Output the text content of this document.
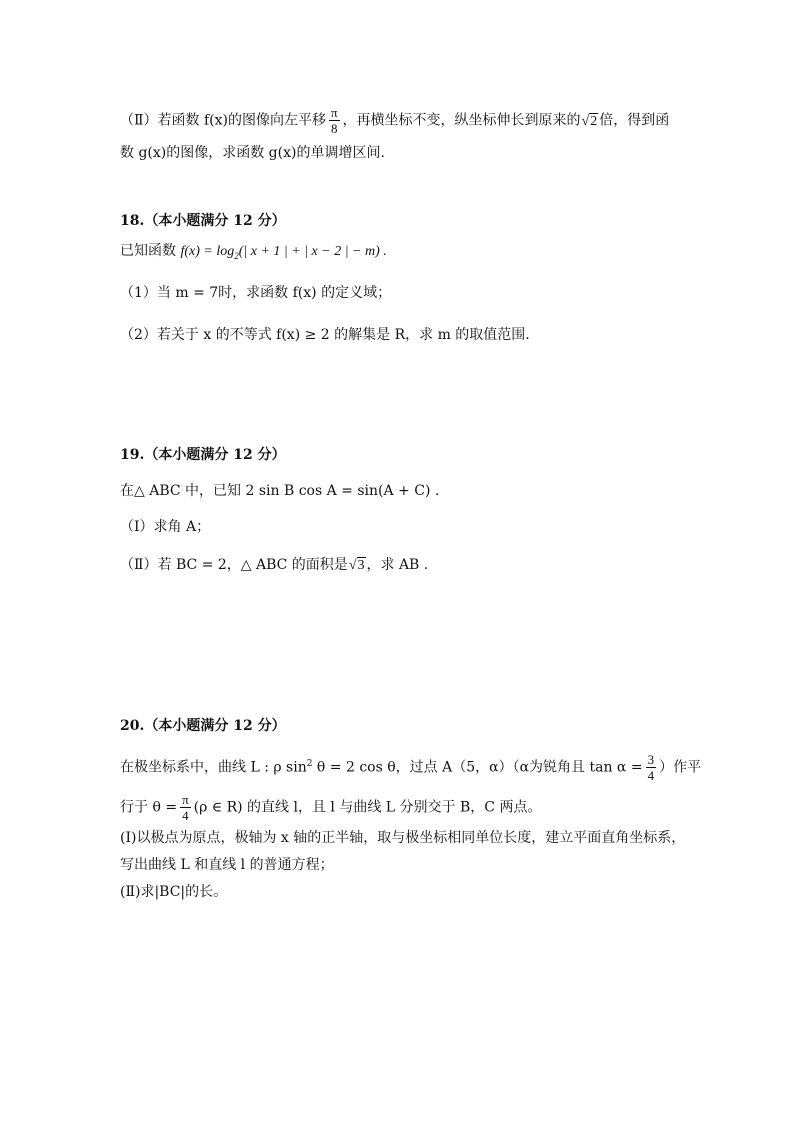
（Ⅱ）若函数 f(x)的图像向左平移 $\frac{\pi}{8}$ ，再横坐标不变，纵坐标伸长到原来的√2 倍，得到函
数 g(x)的图像，求函数 g(x)的单调增区间.
18.（本小题满分 12 分）
已知函数 $f(x) = \log_2(|$ x + 1 | + | x − 2 | − m) .
（1）当 m = 7时，求函数 f(x) 的定义域；
（2）若关于 x 的不等式 f(x) ≥ 2 的解集是 R，求 m 的取值范围.
19.（本小题满分 12 分）
在△ ABC 中，已知 2 sin B cos A = sin(A + C) .
（Ⅰ）求角 A；
（Ⅱ）若 BC = 2，△ ABC 的面积是√3 ，求 AB .
20.（本小题满分 12 分）
在极坐标系中，曲线 L : ρ $\sin^2 \theta = 2$ cos θ，过点 A（5，α）（α为锐角且 $\tan \alpha = \frac{3}{4}$ ）作平
行于 $\theta = \frac{\pi}{4} (\rho$ ∈ R) 的直线 l，且 l 与曲线 L 分别交于 B，C 两点。
(Ⅰ)以极点为原点，极轴为 x 轴的正半轴，取与极坐标相同单位长度，建立平面直角坐标系，
写出曲线 L 和直线 l 的普通方程；
(Ⅱ)求|BC|的长。
